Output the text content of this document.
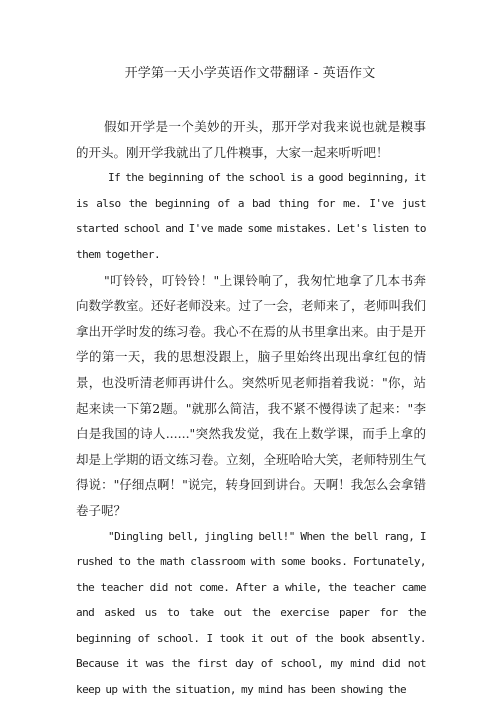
开学第一天小学英语作文带翻译 - 英语作文

假如开学是一个美妙的开头，那开学对我来说也就是糗事的开头。刚开学我就出了几件糗事，大家一起来听听吧！

If the beginning of the school is a good beginning, it is also the beginning of a bad thing for me. I've just started school and I've made some mistakes. Let's listen to them together.

"叮铃铃，叮铃铃！"上课铃响了，我匆忙地拿了几本书奔向数学教室。还好老师没来。过了一会，老师来了，老师叫我们拿出开学时发的练习卷。我心不在焉的从书里拿出来。由于是开学的第一天，我的思想没跟上，脑子里始终出现出拿红包的情景，也没听清老师再讲什么。突然听见老师指着我说："你，站起来读一下第2题。"就那么简洁，我不紧不慢得读了起来："李白是我国的诗人......"突然我发觉，我在上数学课，而手上拿的却是上学期的语文练习卷。立刻，全班哈哈大笑，老师特别生气得说："仔细点啊！"说完，转身回到讲台。天啊！我怎么会拿错卷子呢？

"Dingling bell, jingling bell!" When the bell rang, I rushed to the math classroom with some books. Fortunately, the teacher did not come. After a while, the teacher came and asked us to take out the exercise paper for the beginning of school. I took it out of the book absently. Because it was the first day of school, my mind did not keep up with the situation, my mind has been showing the
